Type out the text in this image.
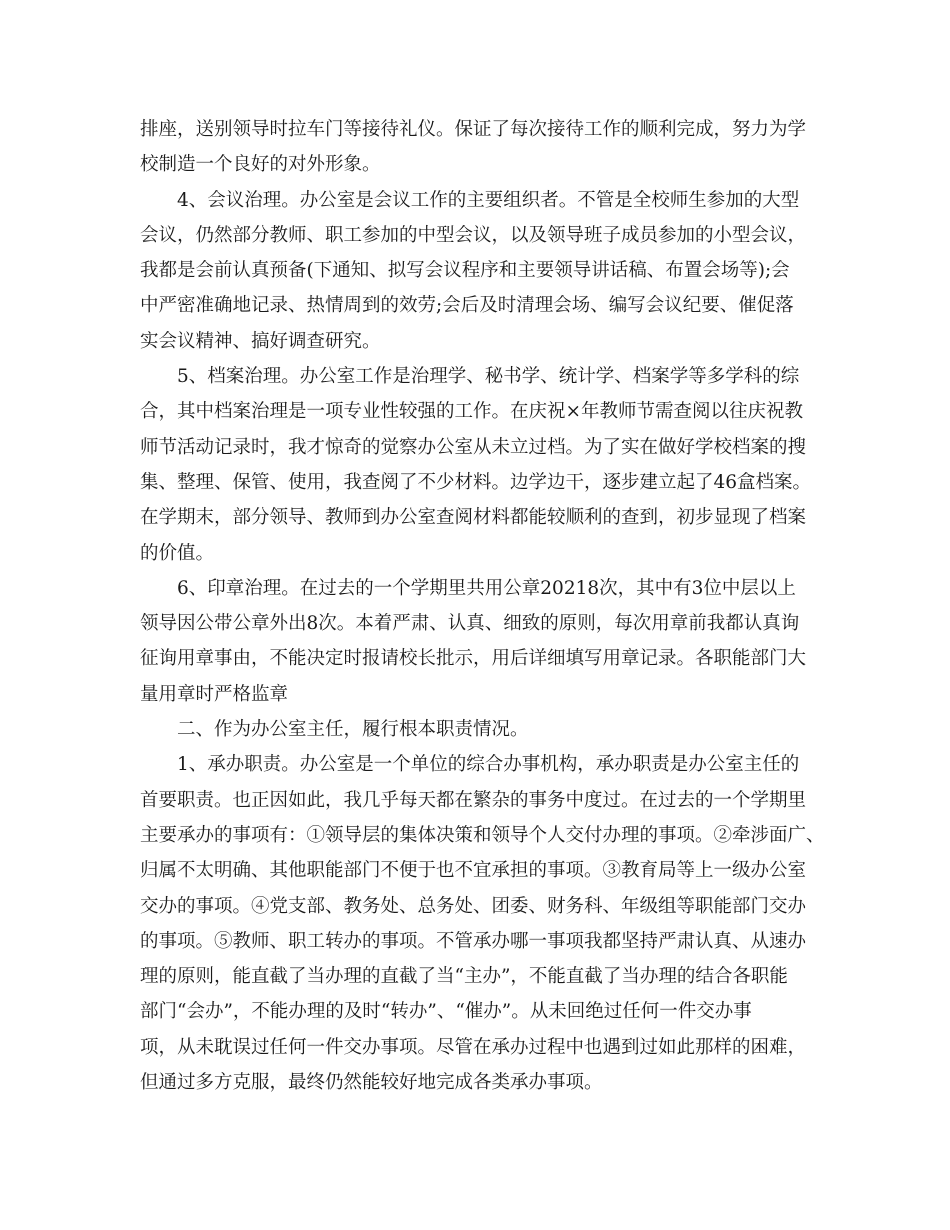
排座，送别领导时拉车门等接待礼仪。保证了每次接待工作的顺利完成，努力为学
校制造一个良好的对外形象。
4、会议治理。办公室是会议工作的主要组织者。不管是全校师生参加的大型
会议，仍然部分教师、职工参加的中型会议，以及领导班子成员参加的小型会议，
我都是会前认真预备(下通知、拟写会议程序和主要领导讲话稿、布置会场等);会
中严密准确地记录、热情周到的效劳;会后及时清理会场、编写会议纪要、催促落
实会议精神、搞好调查研究。
5、档案治理。办公室工作是治理学、秘书学、统计学、档案学等多学科的综
合，其中档案治理是一项专业性较强的工作。在庆祝×年教师节需查阅以往庆祝教
师节活动记录时，我才惊奇的觉察办公室从未立过档。为了实在做好学校档案的搜
集、整理、保管、使用，我查阅了不少材料。边学边干，逐步建立起了46盒档案。
在学期末，部分领导、教师到办公室查阅材料都能较顺利的查到，初步显现了档案
的价值。
6、印章治理。在过去的一个学期里共用公章20218次，其中有3位中层以上
领导因公带公章外出8次。本着严肃、认真、细致的原则，每次用章前我都认真询
征询用章事由，不能决定时报请校长批示，用后详细填写用章记录。各职能部门大
量用章时严格监章
二、作为办公室主任，履行根本职责情况。
1、承办职责。办公室是一个单位的综合办事机构，承办职责是办公室主任的
首要职责。也正因如此，我几乎每天都在繁杂的事务中度过。在过去的一个学期里
主要承办的事项有：①领导层的集体决策和领导个人交付办理的事项。②牵涉面广、
归属不太明确、其他职能部门不便于也不宜承担的事项。③教育局等上一级办公室
交办的事项。④党支部、教务处、总务处、团委、财务科、年级组等职能部门交办
的事项。⑤教师、职工转办的事项。不管承办哪一事项我都坚持严肃认真、从速办
理的原则，能直截了当办理的直截了当“主办”，不能直截了当办理的结合各职能
部门“会办”，不能办理的及时“转办”、“催办”。从未回绝过任何一件交办事
项，从未耽误过任何一件交办事项。尽管在承办过程中也遇到过如此那样的困难，
但通过多方克服，最终仍然能较好地完成各类承办事项。
